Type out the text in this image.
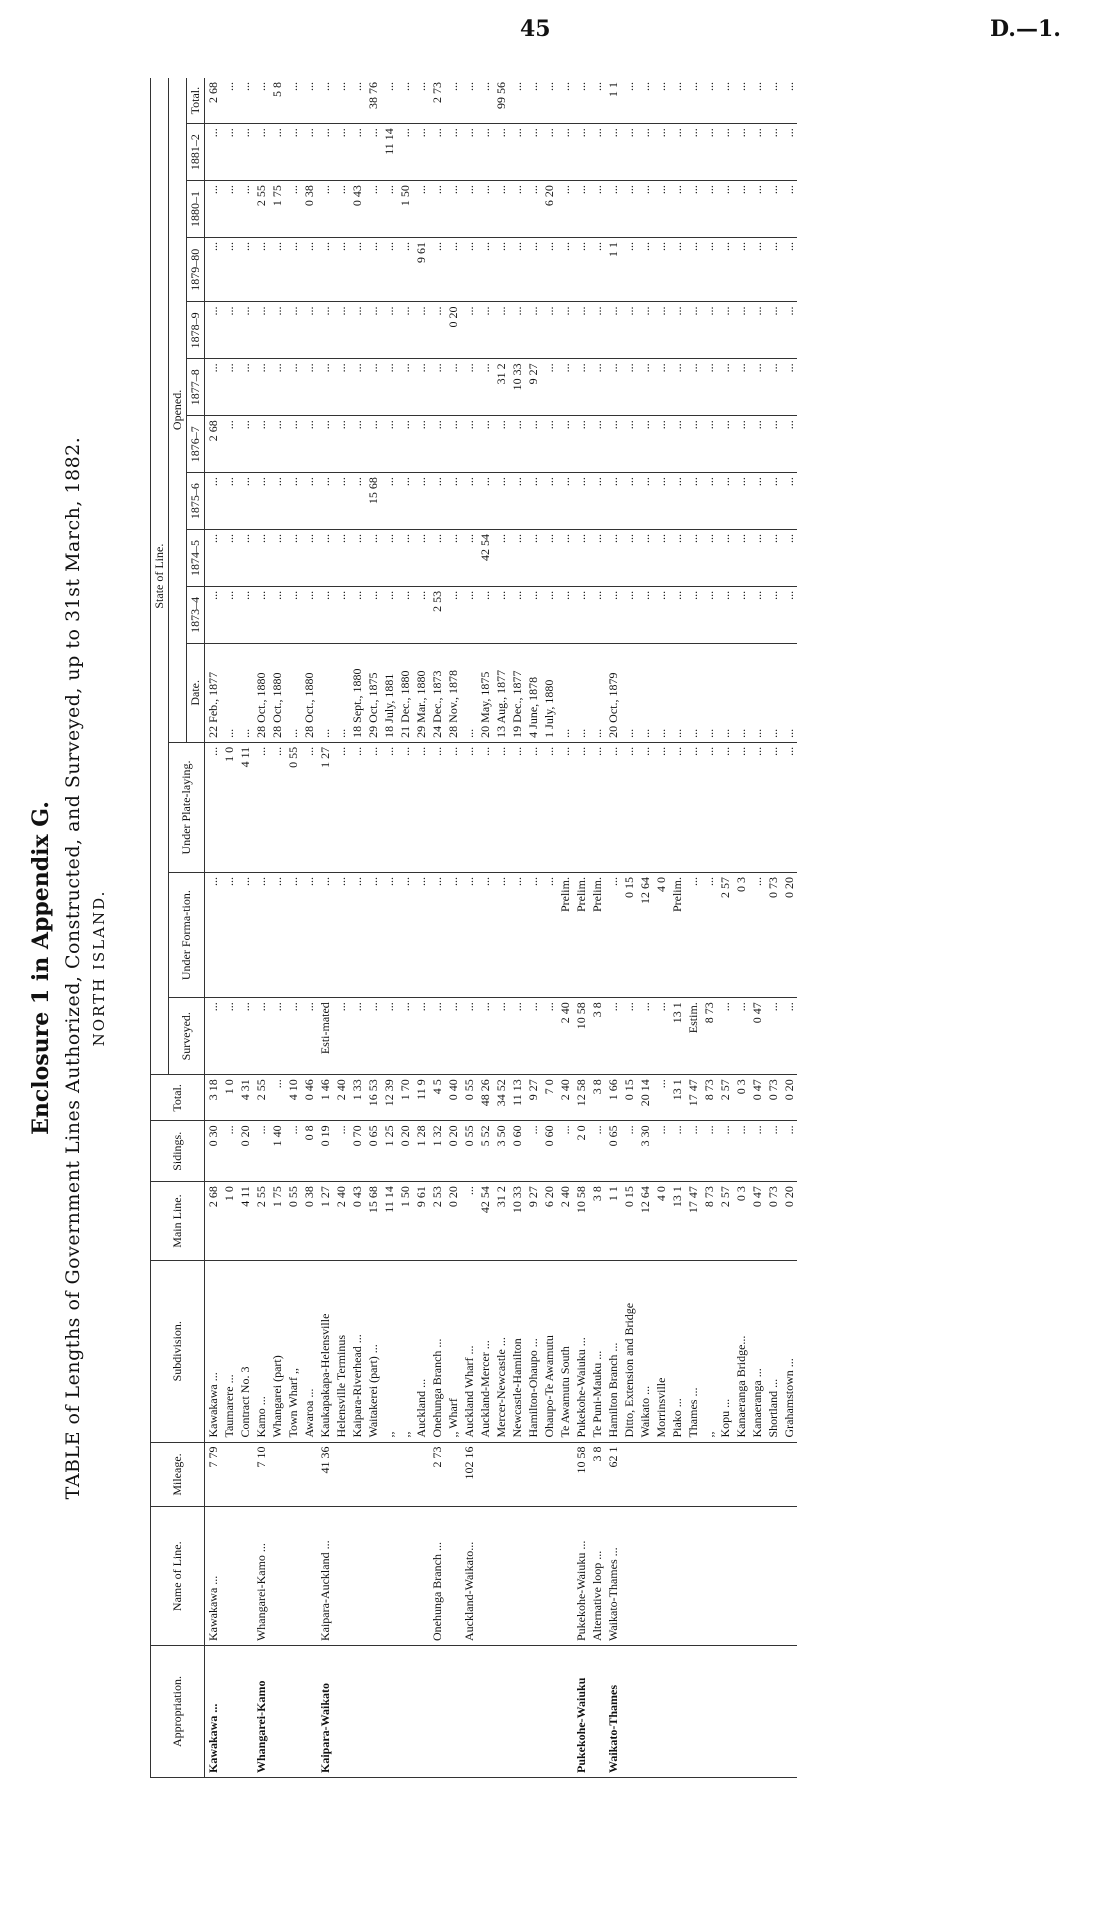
45	D.—1.
Enclosure 1 in Appendix G. TABLE of Lengths of Government Lines Authorized, Constructed, and Surveyed, up to 31st March, 1882. NORTH ISLAND.
Appropriation.	Name of Line.	Mileage.	Subdivision.	Main Line.	Sidings.	Total.	State of Line.													
							Surveyed.	Under Forma-tion.	Under Plate-laying.	Opened.										
										Date.	1873–4	1874–5	1875–6	1876–7	1877–8	1878–9	1879–80	1880–1	1881–2	Total.
Kawakawa ...	Kawakawa ...	7 79	Kawakawa ...	2 68	0 30	3 18	...	...	...	22 Feb., 1877	...	...	...	2 68	...	...	...	...	...	2 68
			Taumarere ...	1 0	...	1 0	...	...	1 0	...	...	...	...	...	...	...	...	...	...	...
			Contract No. 3	4 11	0 20	4 31	...	...	4 11	...	...	...	...	...	...	...	...	...	...	...
Whangarei-Kamo	Whangarei-Kamo ...	7 10	Kamo ...	2 55	...	2 55	...	...	...	28 Oct., 1880	...	...	...	...	...	...	...	2 55	...	...
			Whangarei (part)	1 75	1 40	...	...	...	...	28 Oct., 1880	...	...	...	...	...	...	...	1 75	...	5 8
			Town Wharf ,,	0 55	...	4 10	...	...	0 55	...	...	...	...	...	...	...	...	...	...	...
			Awaroa ...	0 38	0 8	0 46	...	...	...	28 Oct., 1880	...	...	...	...	...	...	...	0 38	...	...
Kaipara-Waikato	Kaipara-Auckland ...	41 36	Kaukapakapa-Helensville	1 27	0 19	1 46	Esti-mated	...	1 27	...	...	...	...	...	...	...	...	...	...	...
			Helensville Terminus	2 40	...	2 40	...	...	...	...	...	...	...	...	...	...	...	...	...	...
			Kaipara-Riverhead ...	0 43	0 70	1 33	...	...	...	18 Sept., 1880	...	...	...	...	...	...	...	0 43	...	...
			Waitakerei (part) ...	15 68	0 65	16 53	...	...	...	29 Oct., 1875	...	...	15 68	...	...	...	...	...	...	38 76
			,,	11 14	1 25	12 39	...	...	...	18 July, 1881	...	...	...	...	...	...	...	...	11 14	...
			,,	1 50	0 20	1 70	...	...	...	21 Dec., 1880	...	...	...	...	...	...	...	1 50	...	...
			Auckland ...	9 61	1 28	11 9	...	...	...	29 Mar., 1880	...	...	...	...	...	...	9 61	...	...	...
	Onehunga Branch ...	2 73	Onehunga Branch ...	2 53	1 32	4 5	...	...	...	24 Dec., 1873	2 53	...	...	...	...	...	...	...	...	2 73
			,, Wharf	0 20	0 20	0 40	...	...	...	28 Nov., 1878	...	...	...	...	...	0 20	...	...	...	...
	Auckland-Waikato...	102 16	Auckland Wharf ...	...	0 55	0 55	...	...	...	...	...	...	...	...	...	...	...	...	...	...
			Auckland-Mercer ...	42 54	5 52	48 26	...	...	...	20 May, 1875	...	42 54	...	...	...	...	...	...	...	...
			Mercer-Newcastle ...	31 2	3 50	34 52	...	...	...	13 Aug., 1877	...	...	...	...	31 2	...	...	...	...	99 56
			Newcastle-Hamilton	10 33	0 60	11 13	...	...	...	19 Dec., 1877	...	...	...	...	10 33	...	...	...	...	...
			Hamilton-Ohaupo ...	9 27	...	9 27	...	...	...	4 June, 1878	...	...	...	...	9 27	...	...	...	...	...
			Ohaupo-Te Awamutu	6 20	0 60	7 0	...	...	...	1 July, 1880	...	...	...	...	...	...	...	6 20	...	...
			Te Awamutu South	2 40	...	2 40	2 40	Prelim.	...	...	...	...	...	...	...	...	...	...	...	...
Pukekohe-Waiuku	Pukekohe-Waiuku ...	10 58	Pukekohe-Waiuku ...	10 58	2 0	12 58	10 58	Prelim.	...	...	...	...	...	...	...	...	...	...	...	...
	Alternative loop ...	3 8	Te Puni-Mauku ...	3 8	...	3 8	3 8	Prelim.	...	...	...	...	...	...	...	...	...	...	...	...
Waikato-Thames	Waikato-Thames ...	62 1	Hamilton Branch ...	1 1	0 65	1 66	...	...	...	20 Oct., 1879	...	...	...	...	...	...	1 1	...	...	1 1
			Ditto, Extension and Bridge	0 15	...	0 15	...	0 15	...	...	...	...	...	...	...	...	...	...	...	...
			Waikato ...	12 64	3 30	20 14	...	12 64	...	...	...	...	...	...	...	...	...	...	...	...
			Morrinsville	4 0	...	...	...	4 0	...	...	...	...	...	...	...	...	...	...	...	...
			Piako ...	13 1	...	13 1	13 1	Prelim.	...	...	...	...	...	...	...	...	...	...	...	...
			Thames ...	17 47	...	17 47	Estim.	...	...	...	...	...	...	...	...	...	...	...	...	...
			,,	8 73	...	8 73	8 73	...	...	...	...	...	...	...	...	...	...	...	...	...
			Kopu ...	2 57	...	2 57	...	2 57	...	...	...	...	...	...	...	...	...	...	...	...
			Kanaeranga Bridge...	0 3	...	0 3	...	0 3	...	...	...	...	...	...	...	...	...	...	...	...
			Kanaeranga ...	0 47	...	0 47	0 47	...	...	...	...	...	...	...	...	...	...	...	...	...
			Shortland ...	0 73	...	0 73	...	0 73	...	...	...	...	...	...	...	...	...	...	...	...
			Grahamstown ...	0 20	...	0 20	...	0 20	...	...	...	...	...	...	...	...	...	...	...	...
